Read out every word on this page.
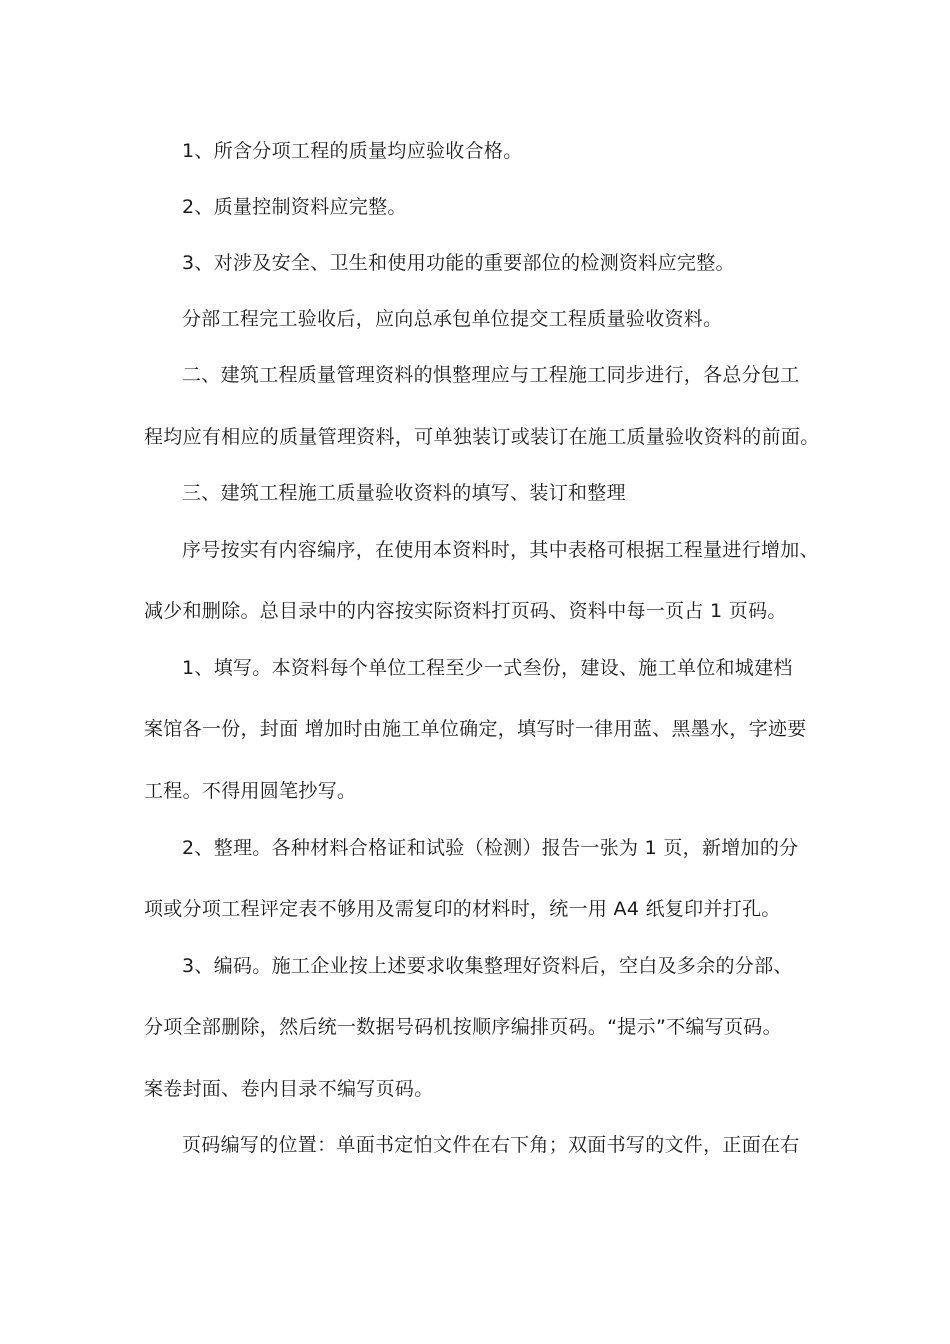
1、所含分项工程的质量均应验收合格。
2、质量控制资料应完整。
3、对涉及安全、卫生和使用功能的重要部位的检测资料应完整。
分部工程完工验收后，应向总承包单位提交工程质量验收资料。
二、建筑工程质量管理资料的惧整理应与工程施工同步进行，各总分包工
程均应有相应的质量管理资料，可单独装订或装订在施工质量验收资料的前面。
三、建筑工程施工质量验收资料的填写、装订和整理
序号按实有内容编序，在使用本资料时，其中表格可根据工程量进行增加、
减少和删除。总目录中的内容按实际资料打页码、资料中每一页占 1 页码。
1、填写。本资料每个单位工程至少一式叁份，建设、施工单位和城建档
案馆各一份，封面 增加时由施工单位确定，填写时一律用蓝、黑墨水，字迹要
工程。不得用圆笔抄写。
2、整理。各种材料合格证和试验（检测）报告一张为 1 页，新增加的分
项或分项工程评定表不够用及需复印的材料时，统一用 A4 纸复印并打孔。
3、编码。施工企业按上述要求收集整理好资料后，空白及多余的分部、
分项全部删除，然后统一数据号码机按顺序编排页码。“提示”不编写页码。
案卷封面、卷内目录不编写页码。
页码编写的位置：单面书定怕文件在右下角；双面书写的文件，正面在右
